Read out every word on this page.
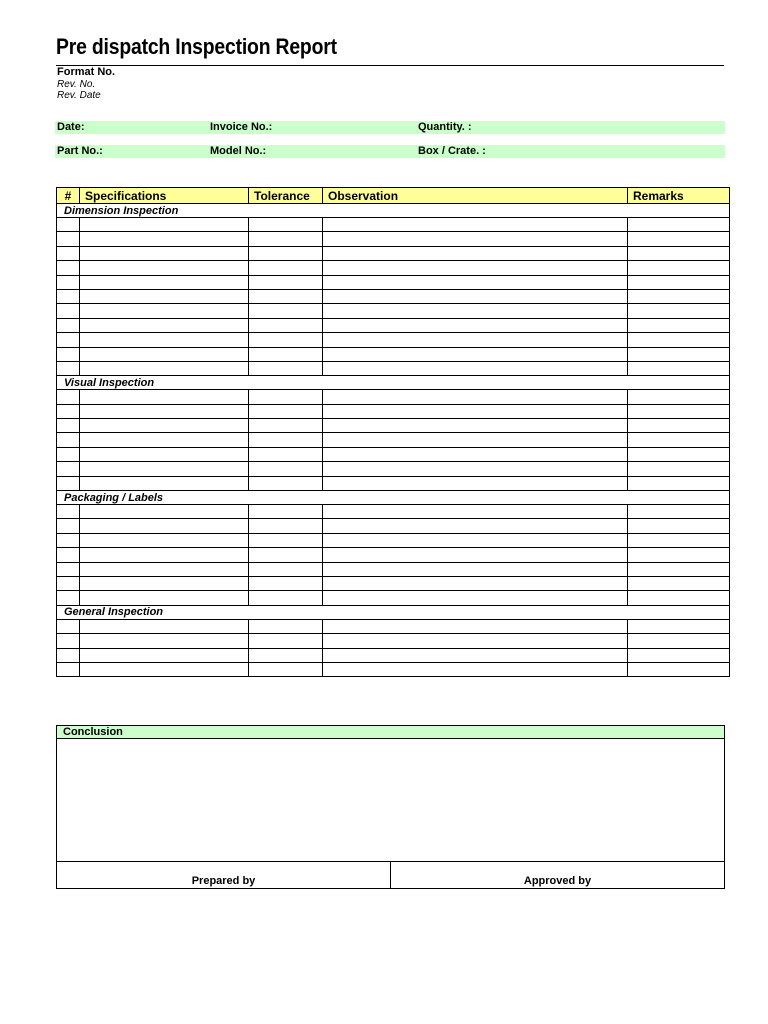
Pre dispatch Inspection Report
Format No.
Rev. No.
Rev. Date
Date:	Invoice No.:	Quantity. :
Part No.:	Model No.:	Box / Crate. :
#	Specifications	Tolerance	Observation	Remarks
Dimension Inspection				

Visual Inspection				

Packaging / Labels				

General Inspection				

Conclusion
Prepared by	Approved by
